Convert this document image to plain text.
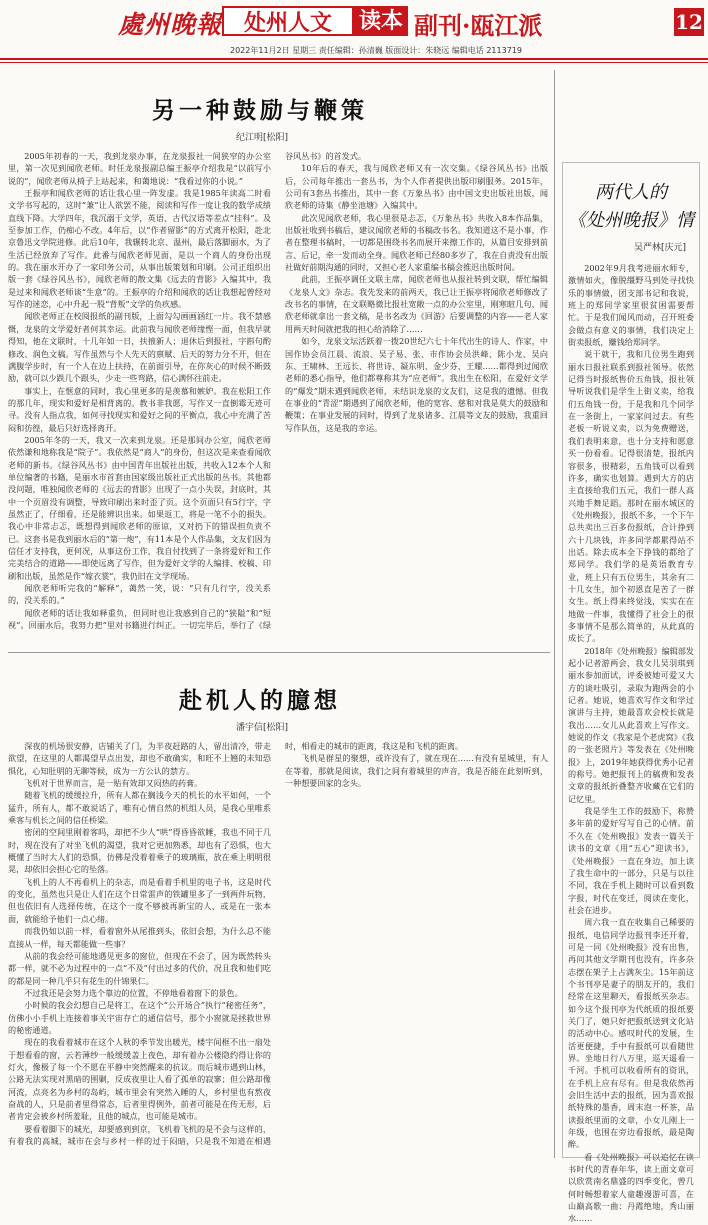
處州晚報 处州人文	读本 副刊·瓯江派	12
2022年11月2日 星期三 责任编辑：孙清巍 版面设计：朱晓远 编辑电话 2113719
另一种鼓励与鞭策
纪江明[松阳]

2005年初春的一天，我到龙泉办事，在龙泉报社一间狭窄的办公室里，第一次见到闻欣老师。时任龙泉报副总编王振亭介绍我是“以前写小说的”，闻欣老师从椅子上站起来，和蔼地说：“我看过你的小说。”

王振亭和闻欣老师的话让我心里一阵发虚。我是1985年读高二时看文学书写起的，这时“兼”让人欲罢不能，阅读和写作一度让我的数学成绩直线下降。大学四年，我沉溺于文学，英语、古代汉语等差点“挂科”。及至参加工作，仍痴心不改。4年后，以“作者留影”的方式离开松阳，赴北京鲁迅文学院进修。此后10年，我辗转北京、温州，最后落脚丽水，为了生活已经放弃了写作。此番与闻欣老师见面，是以一个商人的身份出现的。我在丽水开办了一家印务公司，从事出版策划和印刷。公司正组织出版一套《绿谷风丛书》，闻欣老师的散文集《远去的背影》入编其中，我是过来和闻欣老师谈“生意”的。王振亭的介绍和闻欣的话让我想起曾经对写作的迷恋，心中升起一股“背叛”文学的负疚感。

闻欣老师正在校阅报纸的副刊版，上面勾勾画画涵红一片。我不禁感慨，龙泉的文学爱好者何其幸运。此前我与闻欣老师缘悭一面，但我早就得知，他在文联时，十几年如一日，扶掖新人；退休后到报社，字斟句酌修改、润色文稿。写作虽然与个人先天的禀赋、后天的努力分不开，但在满腹学步时，有一个人在边上扶持，在前面引导，在你灰心的时候不断鼓励，就可以少跌几个跟头，少走一些弯路，信心满怀往前走。

事实上，在惬意的同时，我心里更多的是羡慕和嫉妒。我在松阳工作的那几年，现实和爱好是相背离的。教书非我愿，写作又一直倒霉无迹可寻。没有人指点我，如何寻找现实和爱好之间的平衡点，我心中充满了苦闷和彷徨，最后只好选择离开。

2005年冬的一天，我又一次来到龙泉。还是那间办公室，闻欣老师依然谦和地称我是“院子”。我依然是“商人”的身份，但这次是来查看闻欣老师的新书。《绿谷风丛书》由中国青年出版社出版，共收入12本个人和单位编著的书籍，是丽水市首套由国家级出版社正式出版的丛书。其他都没问题，唯独闻欣老师的《远去的背影》出现了一点小失误，封底时，其中一个页眉没有调整，导致印刷出来时歪了页。这个页面只有5行字，字虽然正了，仔细看，还是能辨识出来。如果返工，将是一笔不小的损失。我心中非常忐忑，既想得到闻欣老师的原谅，又对扔下的错误担负责不已。这套书是我到丽水后的“第一炮”，有11本是个人作品集，文友们因为信任才支持我，更何况，从事这份工作，我自付找到了一条将爱好和工作完美结合的道路——即使远离了写作，但为爱好文学的人编排、校稿、印刷和出版，虽然是作“嫁衣裳”，我仍旧在文学现场。

闻欣老师听完我的“解释”，蔼然一笑，说：“只有几行字，没关系的，没关系的。”

闻欣老师的话让我如释重负，但同时也让我感到自己的“狭隘”和“短视”。回丽水后，我努力把“里对书籍进行纠正。一切完毕后，举行了《绿谷风丛书》的首发式。

10年后的春天，我与闻欣老师又有一次交集。《绿谷风丛书》出版后，公司每年推出一套丛书，为个人作者提供出版印刷服务。2015年，公司有3套丛书推出，其中一套《万象丛书》由中国文史出版社出版，闻欣老师的诗集《静坐池塘》入编其中。

此次见闻欣老师，我心里很是忐忑，《万象丛书》共收入8本作品集，出版社收到书稿后，建议闻欣老师的书稿改书名。我知道这不是小事，作者在整理书稿时，一切都是围绕书名而展开来擦工作的，从篇目安排到前言、后记，牵一发而动全身。闻欣老师已经80多岁了，我在自责没有出版社做好前期沟通的同时，又担心老人家重编书稿会推迟出版时间。

此前，王振亭调任文联主席，闻欣老师也从报社转到文联，帮忙编辑《龙泉人文》杂志。我先发来的前两天，我已让王振亭将闻欣老师修改了改书名的事情，在文联略微比报社宽敞一点的办公室里，刚寒暄几句，闻欣老师就拿出一套文稿，是书名改为《回游》后要调整的内容——老人家用两天时间就把我的担心给消除了……

如今，龙泉文坛活跃着一拨20世纪六七十年代出生的诗人、作家，中国作协会员江晨、流浪、吴子易、张、市作协会员洪峰、陈小龙、吴向东、王啸林、王远长、将世诗、凝东明、金少芬、王耀……都得到过闻欣老师的悉心指导，他们都尊称其为“应老师”。我出生在松阳，在爱好文学的“爆发”期未遇到闻欣老师，未结识龙泉的文友们，这是我的遗憾。但我在事业的“青涩”期遇到了闻欣老师，他的宽容、慈和对我是莫大的鼓励和鞭策；在事业发展的同时，得到了龙泉诸多、江晨等文友的鼓励，我重回写作队伍，这是我的幸运。

赴机人的臆想
潘宇信[松阳]

深夜的机场很安静，店铺关了门，为半夜赶路的人，留出清冷，带走欲望，在这里的人都渴望早点出发，却也不敢确实，和旺不上翘的未知恐惧化，心知肚明的无聊等候，成为一方公认的禁方。

飞机对于世界而言，是一贴有效却又闷热的药膏。

随着飞机的缓缓拉升，所有人都在搁浅今天的机长的水平如何，一个猛升，所有人，都不敢说话了，唯有心情自然的机组人员，是我心里唯系乘客与机长之间的信任桥梁。

密闭的空间里刚着客吗，却把不少人“哄”得昏昏欲睡，我也不同于几时，现在没有了对坐飞机的渴望，我对它更加熟悉，却也有了恐惧，也大概懂了当时大人们的恐惧，仿佛是没着着乘子的玻璃瓶，放在乘上明明很晃，却依旧会担心它的坠落。

飞机上的人不再看机上的杂志，而是看着手机里的电子书，这是时代的变化，虽然也只是让人们在这个日常雷声的铁罐里多了一到两件玩物，但也依旧有人选择传统，在这个一度不够被再新宝的人，或是在一张本面，就能给予他们一点心绪。

而我仍如以前一样，看着窗外从尾推到头，依旧会想，为什么总不能直接从一样，每天都能做一些事？

从前的我会经可能地遇见更多的窗位，但现在不会了，因为既然转头都一样，就不必为过程中的一点“不及”付出过多的代价，况且我和他们吃的都是同一种几乎只有花生的什锦果仁。

不过我还是会努力选个靠边的位置，不停地看着窗下的景色。

小时候的我会幻想自己是将工，在这个“公开场合”执行“秘密任务”，仿佛小小手机上连接着事关宇宙存亡的通信信号，那个小窗就是拯救世界的秘密通道。

现在的我看着城市在这个人秋的季节发出暖光，楼宇间框不出一扇处于想看看的窗，云若薄纱一般缓缓盖上夜色，却有着办公楼隐约得让你的灯火，像极了每一个不愿在平静中突然醒来的抗议。而后城市遇到山林，公路无法实现对黑暗的围剿，反成夜里让人看了孤单的寂寥；但公路却像河流，点亮名为乡村的岛屿，城市里会有突然入睡的人，乡村里也有熬夜奋战的人，只是前者里得常态，后者里得例外，前者可能是在传无形，后者肯定会被乡村所羞耻，且他的城点，也可能是城市。

要看着脚下的城光，却要感到到京，飞机着飞机的是不会与这样的，有着我的高城，城市在会与乡村一样的过于闷暗，只是我不知道在相遇时，相看走的城市的距离，我这是和飞机的距离。

飞机是群星的聚想，或许没有了，就在现在……有没有星城里，有人在等着，那就是阅读，我们之间有着城里的声音，我是否能在此刻听到，一种想要回家的念头。

两代人的
《处州晚报》情
吴严林[庆元]

2002年9月我考进丽水师专，激情如火，像脱缰野马到处寻找快乐的事情做，团支部书记和我说，班上的郑同学家里很贫困需要帮忙。于是我们闻风而动，召开班委会做点有意义的事情，我们决定上街卖报纸，赚钱给郑同学。

说干就干，我和几位男生跑到丽水日报社联系到报社领导。依然记得当时报纸售价五角钱，报社领导听说我们是学生上街义卖，给我们五角钱一份，于是我和几个同学在一条街上，一家家问过去。有些老板一听说义卖，以为免费赠送，我们表明来意，也十分支持和愿意买一份看看。记得很清楚，报纸内容很多，很精彩，五角钱可以看到许多，确实也划算。遇到大方的店主直接给我们五元，我们一群人高兴地手舞足蹈。那时在丽水城区的《处州晚报》，报纸不多，一个下午总共卖出三百多份报纸，合计挣到六十几块钱，许多同学都累得站不出话。除去成本全下挣钱的都给了郑同学。我们学的是英语教育专业，班上只有五位男生，其余有二十几女生，加个初恩直是苦了一群女生。纸上得来终觉浅，实实在在地做一件事，我懂得了社会上的很多事情不是那么简单的，从此真的成长了。

2018年《处州晚报》编辑部发起小记者游两会，我女儿吴羽琪到丽水参加面试，评委被她可爱又大方的谈吐吸引，录取为跑两会的小记者。她说，她喜欢写作文和学过演讲与主持，她最喜欢会校长就是我出……女儿从此喜欢上写作文。她说的作文《我家是个老虎窝》《我的一张老照片》等发表在《处州晚报》上，2019年她获得优秀小记者的称号。她把报刊上的稿费和发表文章的报纸折叠整齐收藏在它们的记忆里。

我是学生工作的鼓励下，称赞多年前的爱好写写自己的心情。前不久在《处州晚报》发表一篇关于读书的文章《用“五心”迎读书》，《处州晚报》一直在身边，加上读了我生命中的一部分，只是与以往不同，我在手机上随时可以看到数字报，时代在变迁，阅读在变化，社会在进步。

周六我一直在收集自己稀要的报纸，电信同学边报刊李还开着，可是一同《处州晚报》没有出售，再问其他文学期刊也没有，许多杂志摆在架子上占满灰尘。15年前这个书刊亭是妻子的朋友开的，我们经常在这里聊天，看报纸买杂志。如今这个报刊亭为代纸质的报纸要关门了，她只好把报纸送到文化站的活动中心。感叹时代的发展，生活更便捷，手中有报纸可以看随世界。坐地日行八万里，巡天遥看一千河。手机可以收看所有的资讯，在手机上应有尽有。但是我依然再会旧生活中去的报纸，因为喜欢报纸特殊的墨香，周末泡一杯茶，品读报纸里面的文章，小女儿刚上一年级，也围在旁边看报纸，最是陶醉。

看《处州晚报》可以追忆在读书时代的青春年华，读上面文章可以欣赏南名鼎盛的四季变化，曾几何时畅想着家人童趣漫游可喜，在山巅高歌一曲：丹霞绝地，秀山丽水……
